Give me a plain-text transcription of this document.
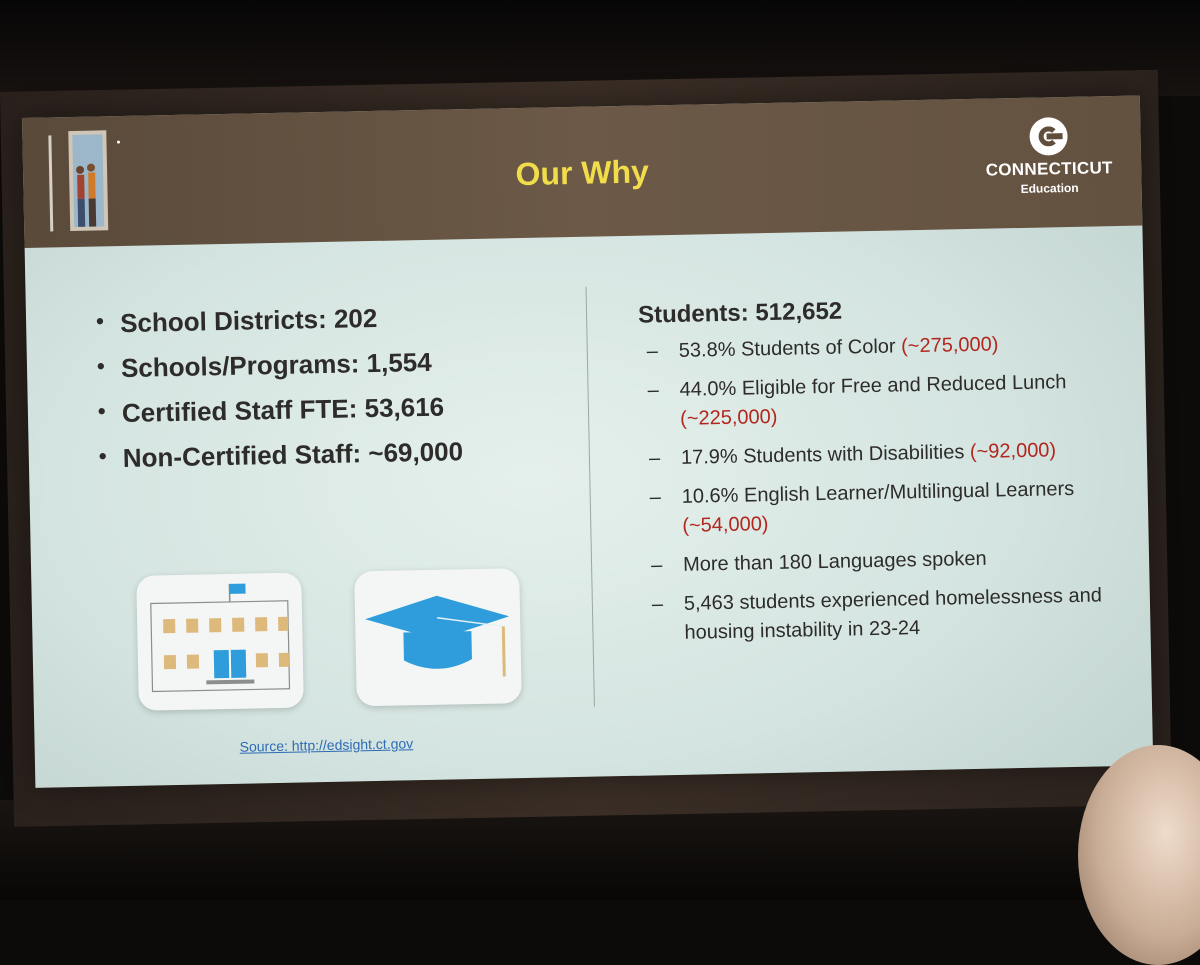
Our Why	CONNECTICUT
Education
• School Districts: 202
• Schools/Programs: 1,554
• Certified Staff FTE: 53,616
• Non-Certified Staff: ~69,000
Students: 512,652
– 53.8% Students of Color (~275,000)
– 44.0% Eligible for Free and Reduced Lunch (~225,000)
– 17.9% Students with Disabilities (~92,000)
– 10.6% English Learner/Multilingual Learners (~54,000)
– More than 180 Languages spoken
– 5,463 students experienced homelessness and housing instability in 23-24
Source: http://edsight.ct.gov
